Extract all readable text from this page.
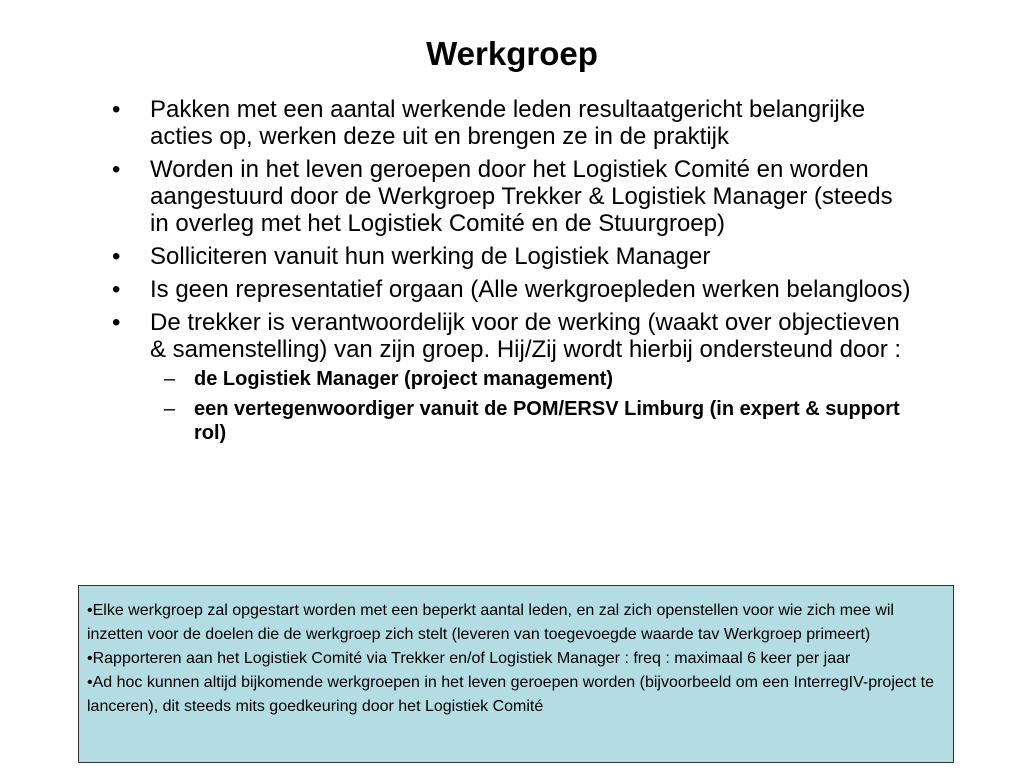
Werkgroep
•	Pakken met een aantal werkende leden resultaatgericht belangrijke acties op, werken deze uit en brengen ze in de praktijk
•	Worden in het leven geroepen door het Logistiek Comité en worden aangestuurd door de Werkgroep Trekker & Logistiek Manager (steeds in overleg met het Logistiek Comité en de Stuurgroep)
•	Solliciteren vanuit hun werking de Logistiek Manager
•	Is geen representatief orgaan (Alle werkgroepleden werken belangloos)
•	De trekker is verantwoordelijk voor de werking (waakt over objectieven & samenstelling) van zijn groep. Hij/Zij wordt hierbij ondersteund door :
– de Logistiek Manager (project management)
– een vertegenwoordiger vanuit de POM/ERSV Limburg (in expert & support rol)

•Elke werkgroep zal opgestart worden met een beperkt aantal leden, en zal zich openstellen voor wie zich mee wil inzetten voor de doelen die de werkgroep zich stelt (leveren van toegevoegde waarde tav Werkgroep primeert)

•Rapporteren aan het Logistiek Comité via Trekker en/of Logistiek Manager : freq : maximaal 6 keer per jaar

•Ad hoc kunnen altijd bijkomende werkgroepen in het leven geroepen worden (bijvoorbeeld om een InterregIV-project te lanceren), dit steeds mits goedkeuring door het Logistiek Comité
